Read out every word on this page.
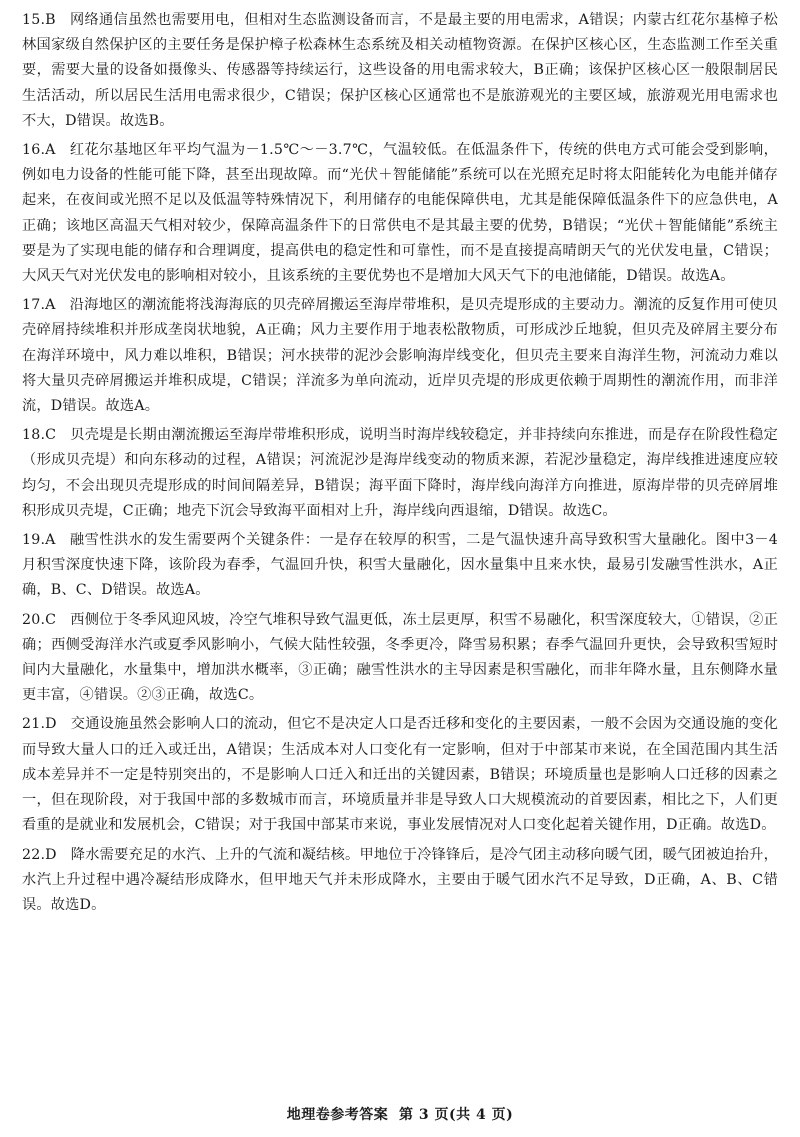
15.B 网络通信虽然也需要用电，但相对生态监测设备而言，不是最主要的用电需求，A错误；内蒙古红花尔基樟子松林国家级自然保护区的主要任务是保护樟子松森林生态系统及相关动植物资源。在保护区核心区，生态监测工作至关重要，需要大量的设备如摄像头、传感器等持续运行，这些设备的用电需求较大，B正确；该保护区核心区一般限制居民生活活动，所以居民生活用电需求很少，C错误；保护区核心区通常也不是旅游观光的主要区域，旅游观光用电需求也不大，D错误。故选B。

16.A 红花尔基地区年平均气温为－1.5℃～－3.7℃，气温较低。在低温条件下，传统的供电方式可能会受到影响，例如电力设备的性能可能下降，甚至出现故障。而“光伏＋智能储能”系统可以在光照充足时将太阳能转化为电能并储存起来，在夜间或光照不足以及低温等特殊情况下，利用储存的电能保障供电，尤其是能保障低温条件下的应急供电，A正确；该地区高温天气相对较少，保障高温条件下的日常供电不是其最主要的优势，B错误；“光伏＋智能储能”系统主要是为了实现电能的储存和合理调度，提高供电的稳定性和可靠性，而不是直接提高晴朗天气的光伏发电量，C错误；大风天气对光伏发电的影响相对较小，且该系统的主要优势也不是增加大风天气下的电池储能，D错误。故选A。

17.A 沿海地区的潮流能将浅海海底的贝壳碎屑搬运至海岸带堆积，是贝壳堤形成的主要动力。潮流的反复作用可使贝壳碎屑持续堆积并形成垄岗状地貌，A正确；风力主要作用于地表松散物质，可形成沙丘地貌，但贝壳及碎屑主要分布在海洋环境中，风力难以堆积，B错误；河水挟带的泥沙会影响海岸线变化，但贝壳主要来自海洋生物，河流动力难以将大量贝壳碎屑搬运并堆积成堤，C错误；洋流多为单向流动，近岸贝壳堤的形成更依赖于周期性的潮流作用，而非洋流，D错误。故选A。

18.C 贝壳堤是长期由潮流搬运至海岸带堆积形成，说明当时海岸线较稳定，并非持续向东推进，而是存在阶段性稳定（形成贝壳堤）和向东移动的过程，A错误；河流泥沙是海岸线变动的物质来源，若泥沙量稳定，海岸线推进速度应较均匀，不会出现贝壳堤形成的时间间隔差异，B错误；海平面下降时，海岸线向海洋方向推进，原海岸带的贝壳碎屑堆积形成贝壳堤，C正确；地壳下沉会导致海平面相对上升，海岸线向西退缩，D错误。故选C。

19.A 融雪性洪水的发生需要两个关键条件：一是存在较厚的积雪，二是气温快速升高导致积雪大量融化。图中3－4月积雪深度快速下降，该阶段为春季，气温回升快，积雪大量融化，因水量集中且来水快，最易引发融雪性洪水，A正确，B、C、D错误。故选A。

20.C 西侧位于冬季风迎风坡，冷空气堆积导致气温更低，冻土层更厚，积雪不易融化，积雪深度较大，①错误，②正确；西侧受海洋水汽或夏季风影响小，气候大陆性较强，冬季更冷，降雪易积累；春季气温回升更快，会导致积雪短时间内大量融化，水量集中，增加洪水概率，③正确；融雪性洪水的主导因素是积雪融化，而非年降水量，且东侧降水量更丰富，④错误。②③正确，故选C。

21.D 交通设施虽然会影响人口的流动，但它不是决定人口是否迁移和变化的主要因素，一般不会因为交通设施的变化而导致大量人口的迁入或迁出，A错误；生活成本对人口变化有一定影响，但对于中部某市来说，在全国范围内其生活成本差异并不一定是特别突出的，不是影响人口迁入和迁出的关键因素，B错误；环境质量也是影响人口迁移的因素之一，但在现阶段，对于我国中部的多数城市而言，环境质量并非是导致人口大规模流动的首要因素，相比之下，人们更看重的是就业和发展机会，C错误；对于我国中部某市来说，事业发展情况对人口变化起着关键作用，D正确。故选D。

22.D 降水需要充足的水汽、上升的气流和凝结核。甲地位于冷锋锋后，是冷气团主动移向暖气团，暖气团被迫抬升，水汽上升过程中遇冷凝结形成降水，但甲地天气并未形成降水，主要由于暖气团水汽不足导致，D正确，A、B、C错误。故选D。

地理卷参考答案 第 3 页(共 4 页)
